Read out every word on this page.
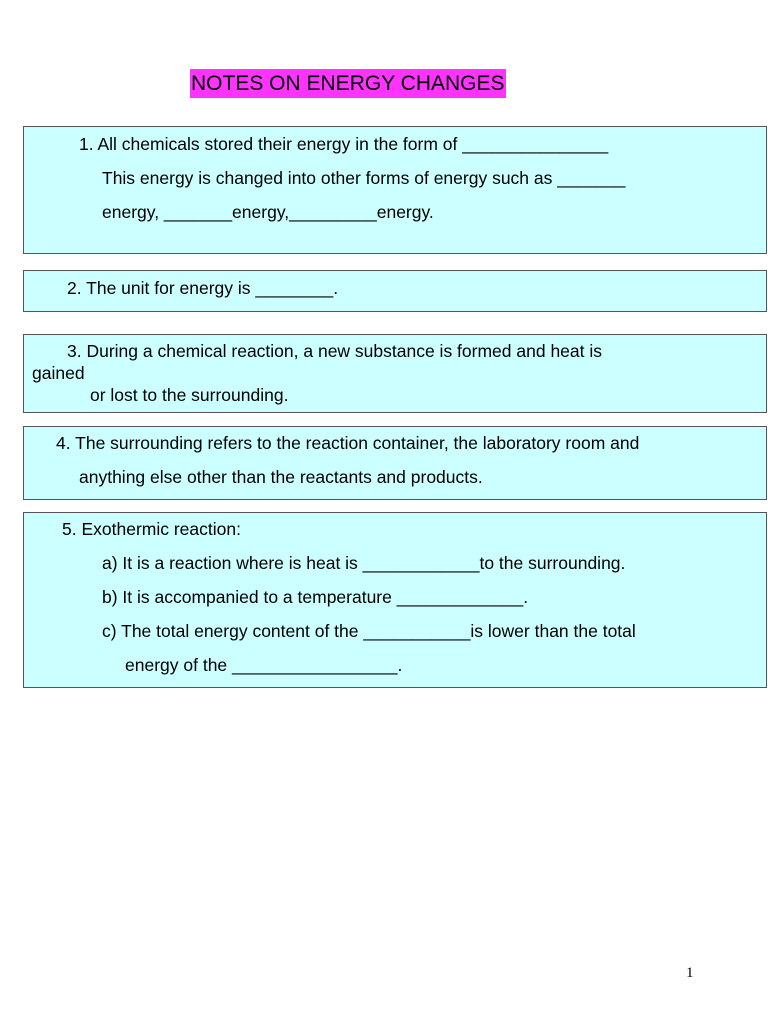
NOTES ON ENERGY CHANGES
1. All chemicals stored their energy in the form of _______________
This energy is changed into other forms of energy such as _______
energy, _______energy,_________energy.
2. The unit for energy is ________.
3. During a chemical reaction, a new substance is formed and heat is
gained
or lost to the surrounding.
4. The surrounding refers to the reaction container, the laboratory room and
anything else other than the reactants and products.
5. Exothermic reaction:
a) It is a reaction where is heat is ____________to the surrounding.
b) It is accompanied to a temperature _____________.
c) The total energy content of the ___________is lower than the total
energy of the _________________.
1
